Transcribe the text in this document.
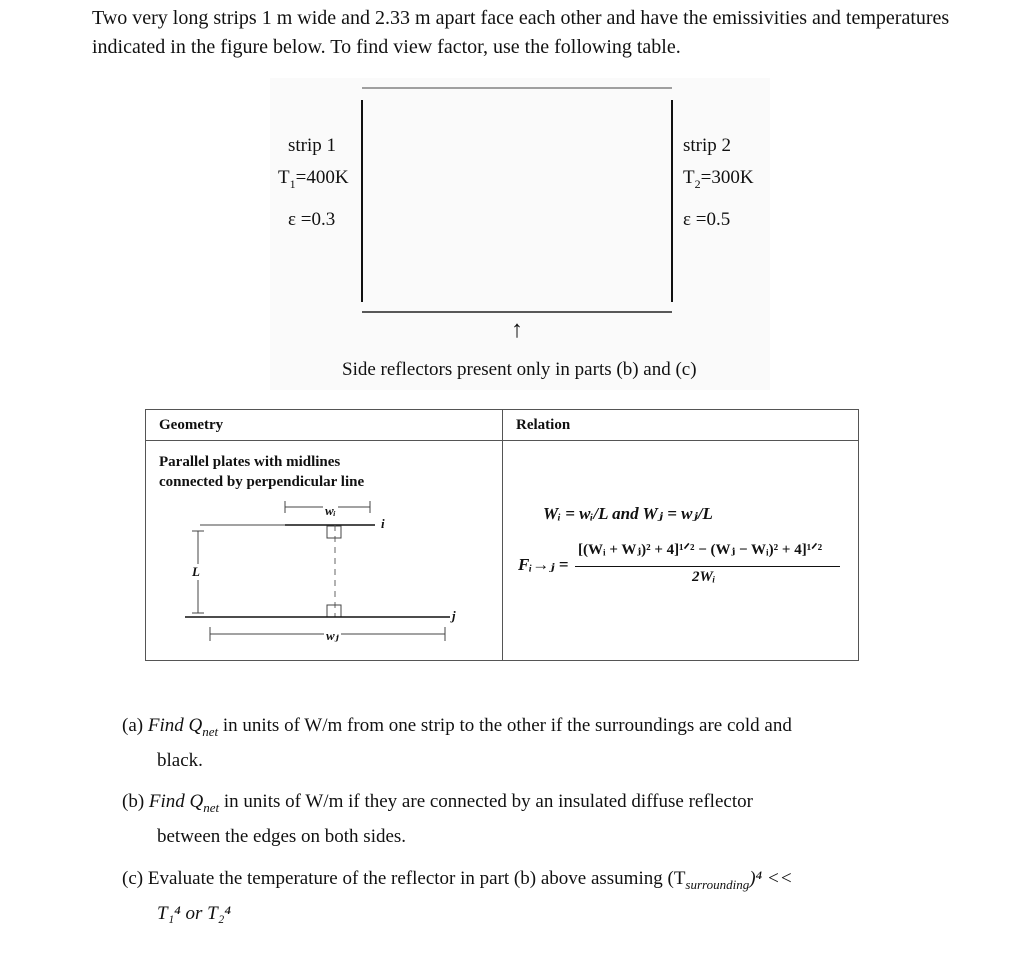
Two very long strips 1 m wide and 2.33 m apart face each other and have the emissivities and temperatures indicated in the figure below. To find view factor, use the following table.
strip 1
$T_1=400K$
ε =0.3
strip 2
$T_2=300K$
ε =0.5
↑
Side reflectors present only in parts (b) and (c)

Geometry	Relation
Parallel plates with midlines
connected by perpendicular line
wᵢ
i
wⱼ
j
L
Wᵢ = wᵢ/L and Wⱼ = wⱼ/L
Fᵢ→ⱼ =
[(Wᵢ + Wⱼ)² + 4]¹ᐟ² − (Wⱼ − Wᵢ)² + 4]¹ᐟ²
2Wᵢ
(a) Find $Q_{net}$ in units of W/m from one strip to the other if the surroundings are cold and
black.
(b) Find $Q_{net}$ in units of W/m if they are connected by an insulated diffuse reflector
between the edges on both sides.
(c) Evaluate the temperature of the reflector in part (b) above assuming $(T_{surrounding})^4$ <<
T₁⁴ or T₂⁴
